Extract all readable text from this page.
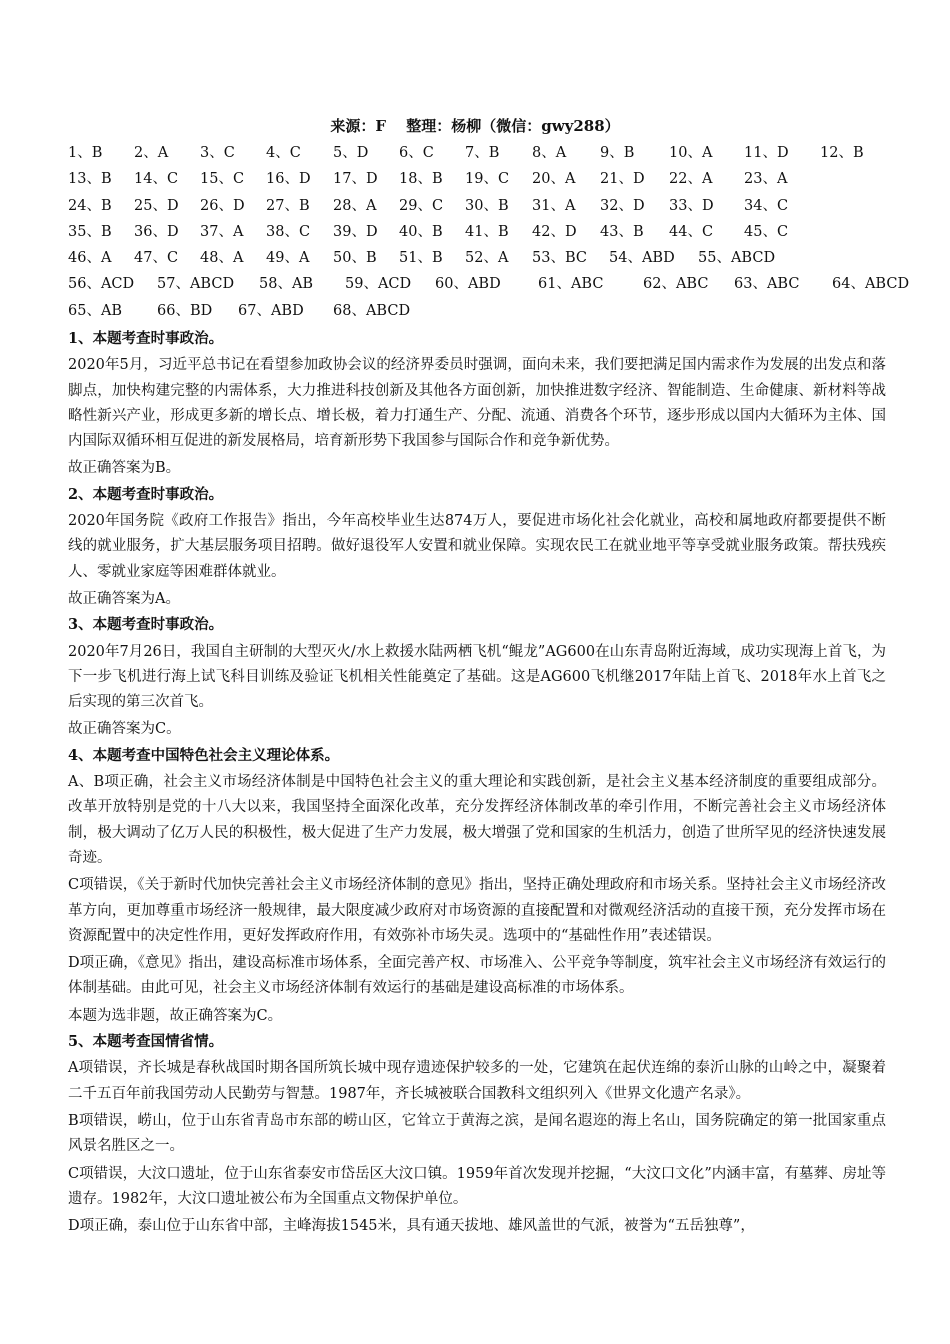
来源：F　 整理：杨柳（微信：gwy288）
1、B 2、A 3、C 4、C 5、D 6、C 7、B 8、A 9、B 10、A 11、D 12、B
13、B 14、C 15、C 16、D 17、D 18、B 19、C 20、A 21、D 22、A 23、A
24、B 25、D 26、D 27、B 28、A 29、C 30、B 31、A 32、D 33、D 34、C
35、B 36、D 37、A 38、C 39、D 40、B 41、B 42、D 43、B 44、C 45、C
46、A 47、C 48、A 49、A 50、B 51、B 52、A 53、BC 54、ABD 55、ABCD
56、ACD 57、ABCD 58、AB 59、ACD 60、ABD	61、ABC	62、ABC 63、ABC 64、ABCD
65、AB 66、BD 67、ABD 68、ABCD

1、本题考查时事政治。

2020年5月，习近平总书记在看望参加政协会议的经济界委员时强调，面向未来，我们要把满足国内需求作为发展的出发点和落脚点，加快构建完整的内需体系，大力推进科技创新及其他各方面创新，加快推进数字经济、智能制造、生命健康、新材料等战略性新兴产业，形成更多新的增长点、增长极，着力打通生产、分配、流通、消费各个环节，逐步形成以国内大循环为主体、国内国际双循环相互促进的新发展格局，培育新形势下我国参与国际合作和竞争新优势。

故正确答案为B。

2、本题考查时事政治。

2020年国务院《政府工作报告》指出，今年高校毕业生达874万人，要促进市场化社会化就业，高校和属地政府都要提供不断线的就业服务，扩大基层服务项目招聘。做好退役军人安置和就业保障。实现农民工在就业地平等享受就业服务政策。帮扶残疾人、零就业家庭等困难群体就业。

故正确答案为A。

3、本题考查时事政治。

2020年7月26日，我国自主研制的大型灭火/水上救援水陆两栖飞机“鲲龙”AG600在山东青岛附近海域，成功实现海上首飞，为下一步飞机进行海上试飞科目训练及验证飞机相关性能奠定了基础。这是AG600飞机继2017年陆上首飞、2018年水上首飞之后实现的第三次首飞。

故正确答案为C。

4、本题考查中国特色社会主义理论体系。

A、B项正确，社会主义市场经济体制是中国特色社会主义的重大理论和实践创新，是社会主义基本经济制度的重要组成部分。改革开放特别是党的十八大以来，我国坚持全面深化改革，充分发挥经济体制改革的牵引作用，不断完善社会主义市场经济体制，极大调动了亿万人民的积极性，极大促进了生产力发展，极大增强了党和国家的生机活力，创造了世所罕见的经济快速发展奇迹。

C项错误，《关于新时代加快完善社会主义市场经济体制的意见》指出，坚持正确处理政府和市场关系。坚持社会主义市场经济改革方向，更加尊重市场经济一般规律，最大限度减少政府对市场资源的直接配置和对微观经济活动的直接干预，充分发挥市场在资源配置中的决定性作用，更好发挥政府作用，有效弥补市场失灵。选项中的“基础性作用”表述错误。

D项正确，《意见》指出，建设高标准市场体系，全面完善产权、市场准入、公平竞争等制度，筑牢社会主义市场经济有效运行的体制基础。由此可见，社会主义市场经济体制有效运行的基础是建设高标准的市场体系。

本题为选非题，故正确答案为C。

5、本题考查国情省情。

A项错误，齐长城是春秋战国时期各国所筑长城中现存遗迹保护较多的一处，它建筑在起伏连绵的泰沂山脉的山岭之中，凝聚着二千五百年前我国劳动人民勤劳与智慧。1987年，齐长城被联合国教科文组织列入《世界文化遗产名录》。

B项错误，崂山，位于山东省青岛市东部的崂山区，它耸立于黄海之滨，是闻名遐迩的海上名山，国务院确定的第一批国家重点风景名胜区之一。

C项错误，大汶口遗址，位于山东省泰安市岱岳区大汶口镇。1959年首次发现并挖掘，“大汶口文化”内涵丰富，有墓葬、房址等遗存。1982年，大汶口遗址被公布为全国重点文物保护单位。

D项正确，泰山位于山东省中部，主峰海拔1545米，具有通天拔地、雄风盖世的气派，被誉为“五岳独尊”，
